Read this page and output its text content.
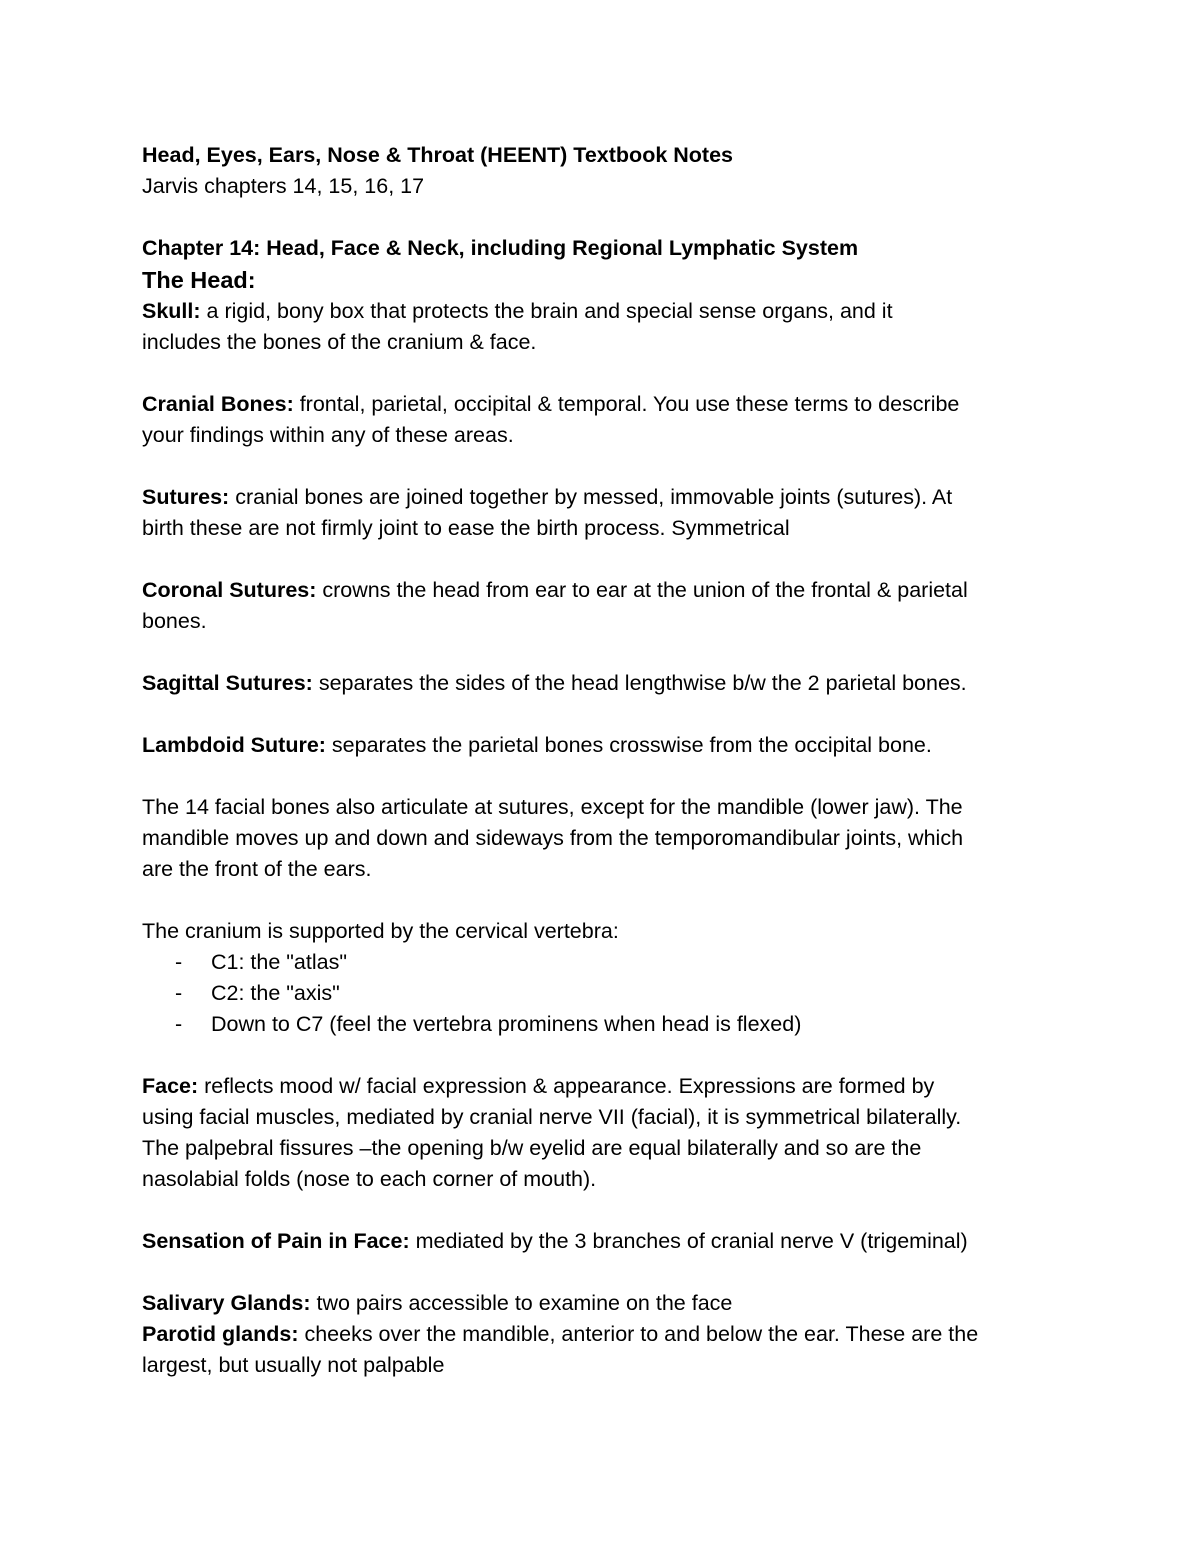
Head, Eyes, Ears, Nose & Throat (HEENT) Textbook Notes

Jarvis chapters 14, 15, 16, 17

Chapter 14: Head, Face & Neck, including Regional Lymphatic System

The Head:

Skull: a rigid, bony box that protects the brain and special sense organs, and it

includes the bones of the cranium & face.

Cranial Bones: frontal, parietal, occipital & temporal. You use these terms to describe

your findings within any of these areas.

Sutures: cranial bones are joined together by messed, immovable joints (sutures). At

birth these are not firmly joint to ease the birth process. Symmetrical

Coronal Sutures: crowns the head from ear to ear at the union of the frontal & parietal

bones.

Sagittal Sutures: separates the sides of the head lengthwise b/w the 2 parietal bones.

Lambdoid Suture: separates the parietal bones crosswise from the occipital bone.

The 14 facial bones also articulate at sutures, except for the mandible (lower jaw). The

mandible moves up and down and sideways from the temporomandibular joints, which

are the front of the ears.

The cranium is supported by the cervical vertebra:

- C1: the "atlas"
- C2: the "axis"
- Down to C7 (feel the vertebra prominens when head is flexed)

Face: reflects mood w/ facial expression & appearance. Expressions are formed by

using facial muscles, mediated by cranial nerve VII (facial), it is symmetrical bilaterally.

The palpebral fissures –the opening b/w eyelid are equal bilaterally and so are the

nasolabial folds (nose to each corner of mouth).

Sensation of Pain in Face: mediated by the 3 branches of cranial nerve V (trigeminal)

Salivary Glands: two pairs accessible to examine on the face

Parotid glands: cheeks over the mandible, anterior to and below the ear. These are the

largest, but usually not palpable
